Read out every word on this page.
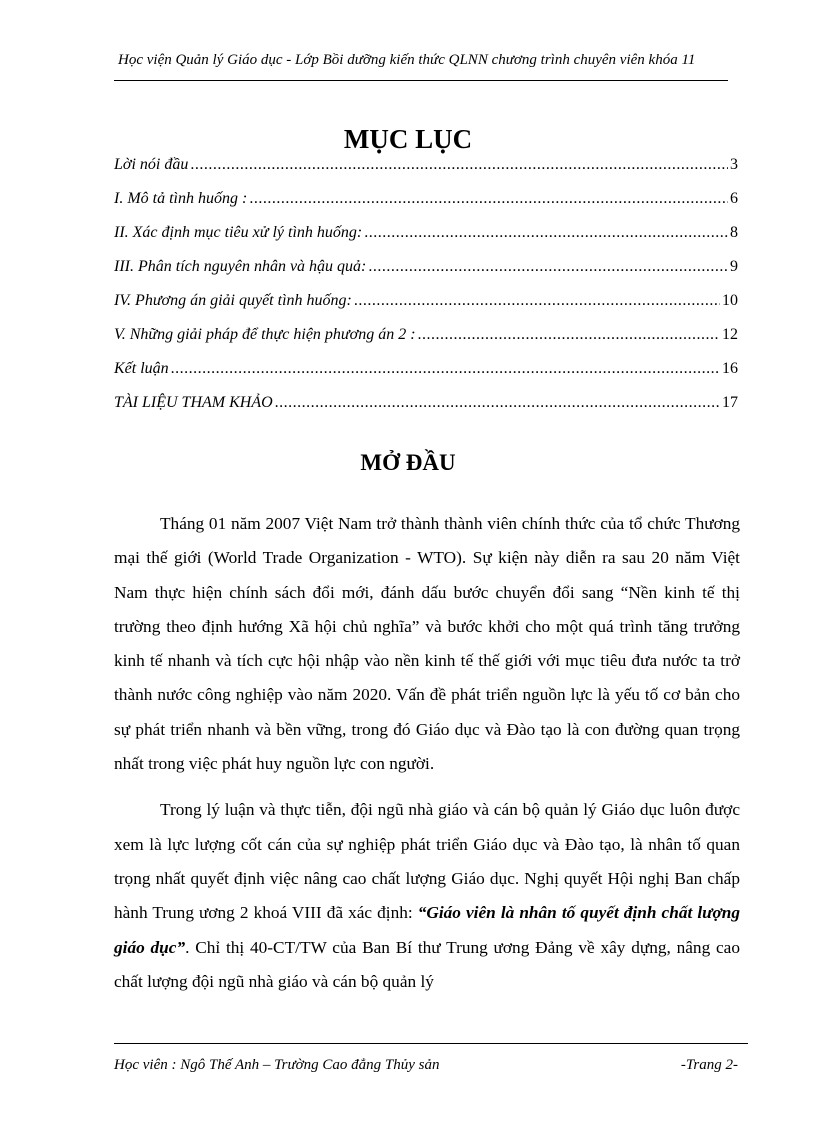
Học viện Quản lý Giáo dục - Lớp Bồi dưỡng kiến thức QLNN chương trình chuyên viên khóa 11
MỤC LỤC
Lời nói đầu .....	3
I. Mô tả tình huống : .....	6
II. Xác định mục tiêu xử lý tình huống: .....	8
III. Phân tích nguyên nhân và hậu quả: .....	9
IV. Phương án giải quyết tình huống: .....	10
V. Những giải pháp để thực hiện phương án 2 : .....	12
Kết luận .....	16
TÀI LIỆU THAM KHẢO .....	17
MỞ ĐẦU

Tháng 01 năm 2007 Việt Nam trở thành thành viên chính thức của tổ chức Thương mại thế giới (World Trade Organization - WTO). Sự kiện này diễn ra sau 20 năm Việt Nam thực hiện chính sách đổi mới, đánh dấu bước chuyển đổi sang “Nền kinh tế thị trường theo định hướng Xã hội chủ nghĩa” và bước khởi cho một quá trình tăng trưởng kinh tế nhanh và tích cực hội nhập vào nền kinh tế thế giới với mục tiêu đưa nước ta trở thành nước công nghiệp vào năm 2020. Vấn đề phát triển nguồn lực là yếu tố cơ bản cho sự phát triển nhanh và bền vững, trong đó Giáo dục và Đào tạo là con đường quan trọng nhất trong việc phát huy nguồn lực con người.

Trong lý luận và thực tiễn, đội ngũ nhà giáo và cán bộ quản lý Giáo dục luôn được xem là lực lượng cốt cán của sự nghiệp phát triển Giáo dục và Đào tạo, là nhân tố quan trọng nhất quyết định việc nâng cao chất lượng Giáo dục. Nghị quyết Hội nghị Ban chấp hành Trung ương 2 khoá VIII đã xác định: “Giáo viên là nhân tố quyết định chất lượng giáo dục”. Chỉ thị 40-CT/TW của Ban Bí thư Trung ương Đảng về xây dựng, nâng cao chất lượng đội ngũ nhà giáo và cán bộ quản lý

Học viên : Ngô Thế Anh – Trường Cao đẳng Thủy sản	-Trang 2-
